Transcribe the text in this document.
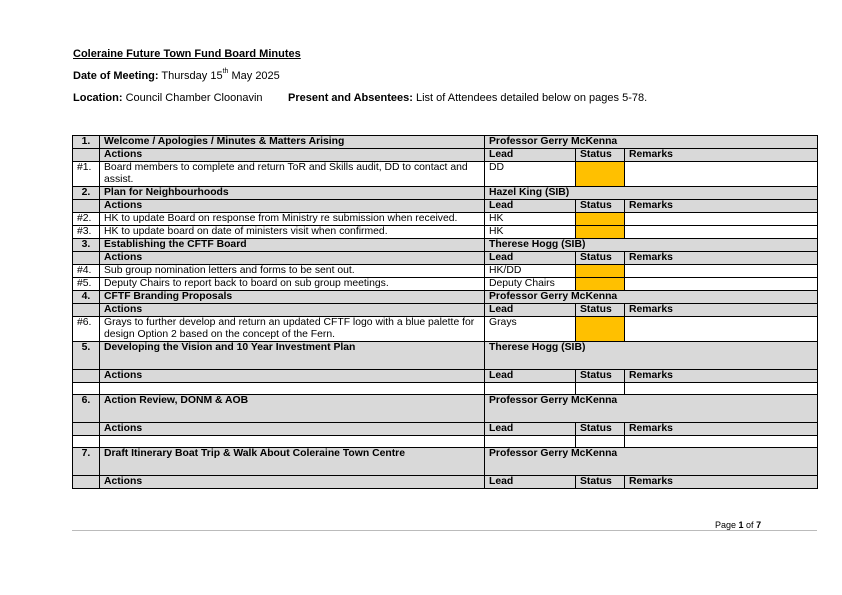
Coleraine Future Town Fund Board Minutes
Date of Meeting: Thursday 15th May 2025
Location: Council Chamber Cloonavin Present and Absentees: List of Attendees detailed below on pages 5-78.
1.	Welcome / Apologies / Minutes & Matters Arising	Professor Gerry McKenna		
	Actions	Lead	Status	Remarks
#1.	Board members to complete and return ToR and Skills audit, DD to contact and assist.	DD		
2.	Plan for Neighbourhoods	Hazel King (SIB)		
	Actions	Lead	Status	Remarks
#2.	HK to update Board on response from Ministry re submission when received.	HK		
#3.	HK to update board on date of ministers visit when confirmed.	HK		
3.	Establishing the CFTF Board	Therese Hogg (SIB)		
	Actions	Lead	Status	Remarks
#4.	Sub group nomination letters and forms to be sent out.	HK/DD		
#5.	Deputy Chairs to report back to board on sub group meetings.	Deputy Chairs		
4.	CFTF Branding Proposals	Professor Gerry McKenna		
	Actions	Lead	Status	Remarks
#6.	Grays to further develop and return an updated CFTF logo with a blue palette for design Option 2 based on the concept of the Fern.	Grays		
5.	Developing the Vision and 10 Year Investment Plan	Therese Hogg (SIB)		
	Actions	Lead	Status	Remarks

6.	Action Review, DONM & AOB	Professor Gerry McKenna		
	Actions	Lead	Status	Remarks

7.	Draft Itinerary Boat Trip & Walk About Coleraine Town Centre	Professor Gerry McKenna		
	Actions	Lead	Status	Remarks
Page 1 of 7
